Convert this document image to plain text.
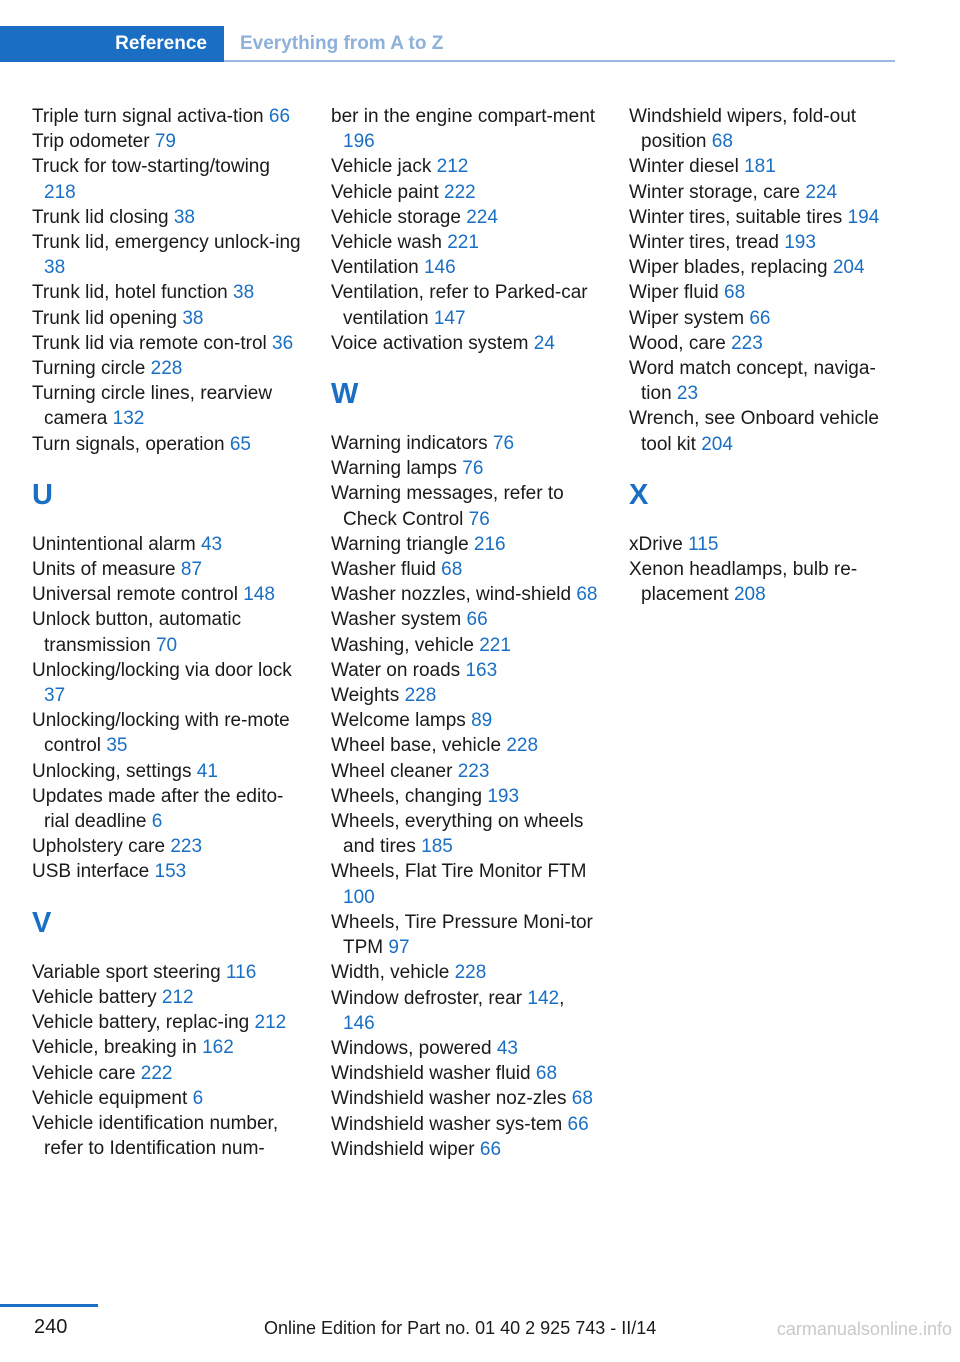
Reference	Everything from A to Z
Triple turn signal activa-tion 66
Trip odometer 79
Truck for tow-starting/towing 218
Trunk lid closing 38
Trunk lid, emergency unlock-ing 38
Trunk lid, hotel function 38
Trunk lid opening 38
Trunk lid via remote con-trol 36
Turning circle 228
Turning circle lines, rearview camera 132
Turn signals, operation 65
U
Unintentional alarm 43
Units of measure 87
Universal remote control 148
Unlock button, automatic transmission 70
Unlocking/locking via door lock 37
Unlocking/locking with re-mote control 35
Unlocking, settings 41
Updates made after the edito-rial deadline 6
Upholstery care 223
USB interface 153
V
Variable sport steering 116
Vehicle battery 212
Vehicle battery, replac-ing 212
Vehicle, breaking in 162
Vehicle care 222
Vehicle equipment 6
Vehicle identification number, refer to Identification num-
ber in the engine compart-ment 196
Vehicle jack 212
Vehicle paint 222
Vehicle storage 224
Vehicle wash 221
Ventilation 146
Ventilation, refer to Parked-car ventilation 147
Voice activation system 24
W
Warning indicators 76
Warning lamps 76
Warning messages, refer to Check Control 76
Warning triangle 216
Washer fluid 68
Washer nozzles, wind-shield 68
Washer system 66
Washing, vehicle 221
Water on roads 163
Weights 228
Welcome lamps 89
Wheel base, vehicle 228
Wheel cleaner 223
Wheels, changing 193
Wheels, everything on wheels and tires 185
Wheels, Flat Tire Monitor FTM 100
Wheels, Tire Pressure Moni-tor TPM 97
Width, vehicle 228
Window defroster, rear 142, 146
Windows, powered 43
Windshield washer fluid 68
Windshield washer noz-zles 68
Windshield washer sys-tem 66
Windshield wiper 66
Windshield wipers, fold-out position 68
Winter diesel 181
Winter storage, care 224
Winter tires, suitable tires 194
Winter tires, tread 193
Wiper blades, replacing 204
Wiper fluid 68
Wiper system 66
Wood, care 223
Word match concept, naviga-tion 23
Wrench, see Onboard vehicle tool kit 204
X
xDrive 115
Xenon headlamps, bulb re-placement 208
240	Online Edition for Part no. 01 40 2 925 743 - II/14	carmanualsonline.info
